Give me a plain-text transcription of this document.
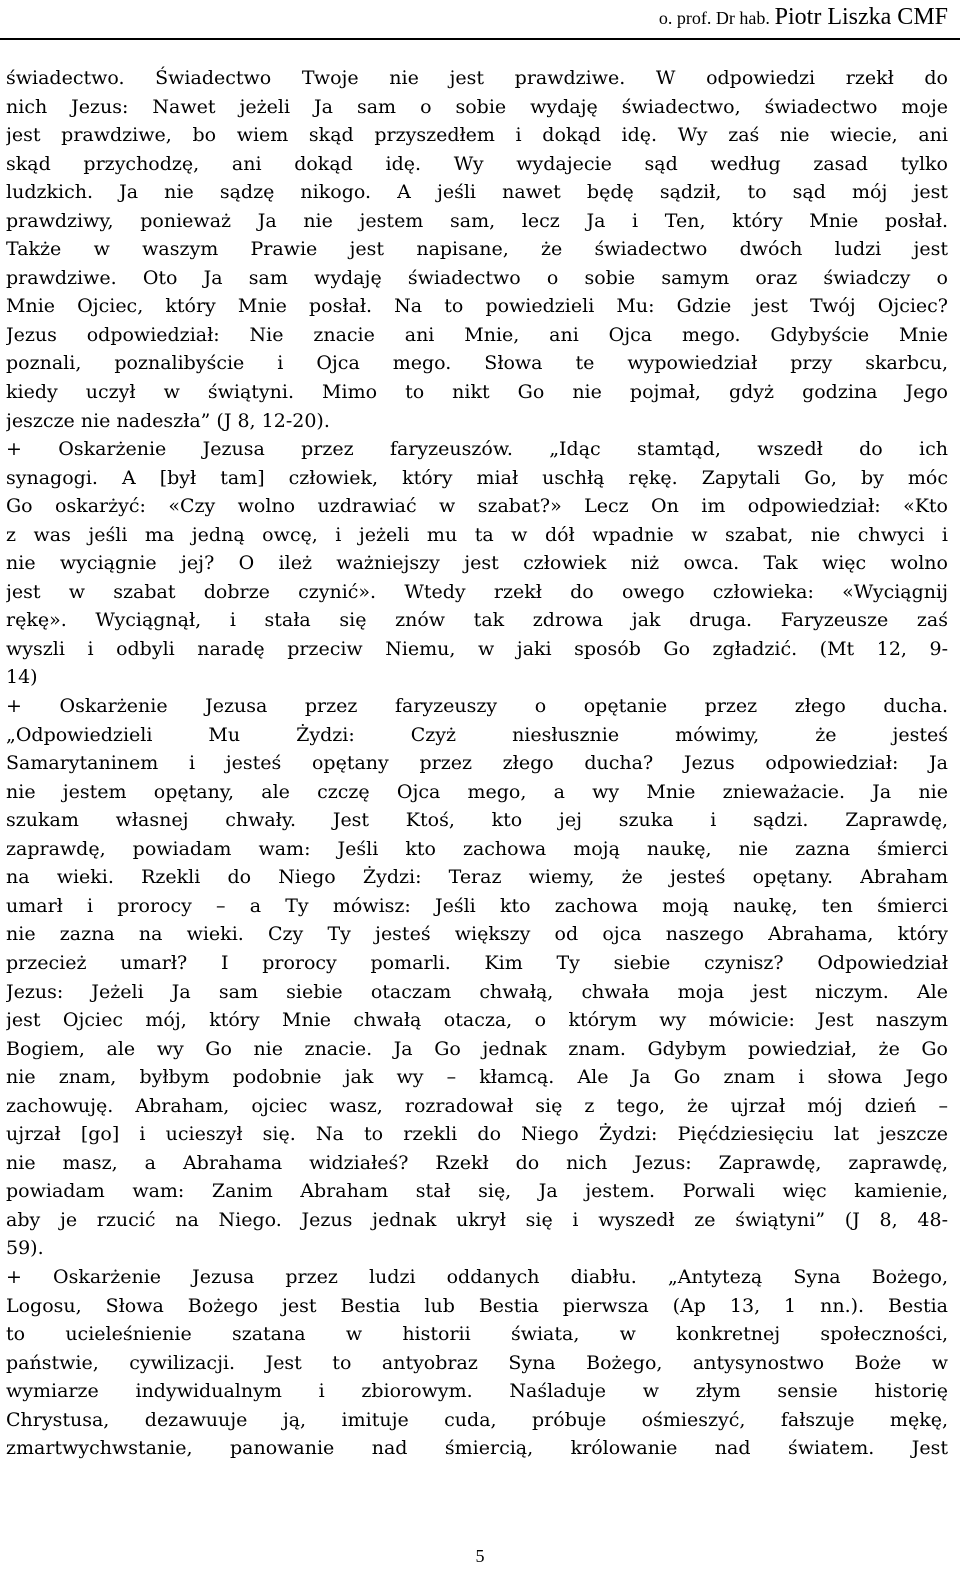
o. prof. Dr hab. Piotr Liszka CMF
świadectwo. Świadectwo Twoje nie jest prawdziwe. W odpowiedzi rzekł do
nich Jezus: Nawet jeżeli Ja sam o sobie wydaję świadectwo, świadectwo moje
jest prawdziwe, bo wiem skąd przyszedłem i dokąd idę. Wy zaś nie wiecie, ani
skąd przychodzę, ani dokąd idę. Wy wydajecie sąd według zasad tylko
ludzkich. Ja nie sądzę nikogo. A jeśli nawet będę sądził, to sąd mój jest
prawdziwy, ponieważ Ja nie jestem sam, lecz Ja i Ten, który Mnie posłał.
Także w waszym Prawie jest napisane, że świadectwo dwóch ludzi jest
prawdziwe. Oto Ja sam wydaję świadectwo o sobie samym oraz świadczy o
Mnie Ojciec, który Mnie posłał. Na to powiedzieli Mu: Gdzie jest Twój Ojciec?
Jezus odpowiedział: Nie znacie ani Mnie, ani Ojca mego. Gdybyście Mnie
poznali, poznalibyście i Ojca mego. Słowa te wypowiedział przy skarbcu,
kiedy uczył w świątyni. Mimo to nikt Go nie pojmał, gdyż godzina Jego
jeszcze nie nadeszła” (J 8, 12-20).
+ Oskarżenie Jezusa przez faryzeuszów. „Idąc stamtąd, wszedł do ich
synagogi. A [był tam] człowiek, który miał uschłą rękę. Zapytali Go, by móc
Go oskarżyć: «Czy wolno uzdrawiać w szabat?» Lecz On im odpowiedział: «Kto
z was jeśli ma jedną owcę, i jeżeli mu ta w dół wpadnie w szabat, nie chwyci i
nie wyciągnie jej? O ileż ważniejszy jest człowiek niż owca. Tak więc wolno
jest w szabat dobrze czynić». Wtedy rzekł do owego człowieka: «Wyciągnij
rękę». Wyciągnął, i stała się znów tak zdrowa jak druga. Faryzeusze zaś
wyszli i odbyli naradę przeciw Niemu, w jaki sposób Go zgładzić. (Mt 12, 9-
14)
+ Oskarżenie Jezusa przez faryzeuszy o opętanie przez złego ducha.
„Odpowiedzieli Mu Żydzi: Czyż niesłusznie mówimy, że jesteś
Samarytaninem i jesteś opętany przez złego ducha? Jezus odpowiedział: Ja
nie jestem opętany, ale czczę Ojca mego, a wy Mnie znieważacie. Ja nie
szukam własnej chwały. Jest Ktoś, kto jej szuka i sądzi. Zaprawdę,
zaprawdę, powiadam wam: Jeśli kto zachowa moją naukę, nie zazna śmierci
na wieki. Rzekli do Niego Żydzi: Teraz wiemy, że jesteś opętany. Abraham
umarł i prorocy – a Ty mówisz: Jeśli kto zachowa moją naukę, ten śmierci
nie zazna na wieki. Czy Ty jesteś większy od ojca naszego Abrahama, który
przecież umarł? I prorocy pomarli. Kim Ty siebie czynisz? Odpowiedział
Jezus: Jeżeli Ja sam siebie otaczam chwałą, chwała moja jest niczym. Ale
jest Ojciec mój, który Mnie chwałą otacza, o którym wy mówicie: Jest naszym
Bogiem, ale wy Go nie znacie. Ja Go jednak znam. Gdybym powiedział, że Go
nie znam, byłbym podobnie jak wy – kłamcą. Ale Ja Go znam i słowa Jego
zachowuję. Abraham, ojciec wasz, rozradował się z tego, że ujrzał mój dzień –
ujrzał [go] i ucieszył się. Na to rzekli do Niego Żydzi: Pięćdziesięciu lat jeszcze
nie masz, a Abrahama widziałeś? Rzekł do nich Jezus: Zaprawdę, zaprawdę,
powiadam wam: Zanim Abraham stał się, Ja jestem. Porwali więc kamienie,
aby je rzucić na Niego. Jezus jednak ukrył się i wyszedł ze świątyni” (J 8, 48-
59).
+ Oskarżenie Jezusa przez ludzi oddanych diabłu. „Antytezą Syna Bożego,
Logosu, Słowa Bożego jest Bestia lub Bestia pierwsza (Ap 13, 1 nn.). Bestia
to ucieleśnienie szatana w historii świata, w konkretnej społeczności,
państwie, cywilizacji. Jest to antyobraz Syna Bożego, antysynostwo Boże w
wymiarze indywidualnym i zbiorowym. Naśladuje w złym sensie historię
Chrystusa, dezawuuje ją, imituje cuda, próbuje ośmieszyć, fałszuje mękę,
zmartwychwstanie, panowanie nad śmiercią, królowanie nad światem. Jest
5
